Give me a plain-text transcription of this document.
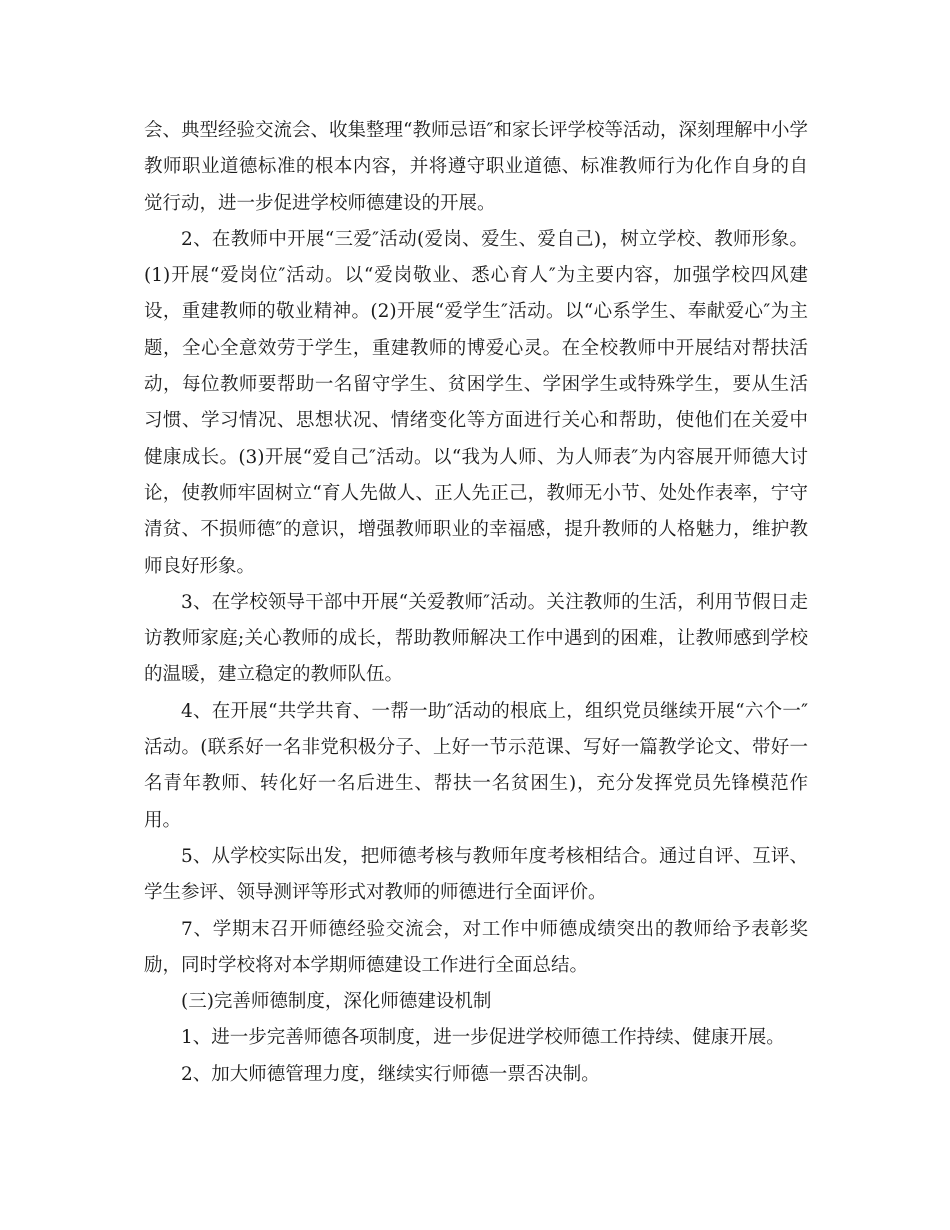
会、典型经验交流会、收集整理“教师忌语″和家长评学校等活动，深刻理解中小学教师职业道德标准的根本内容，并将遵守职业道德、标准教师行为化作自身的自觉行动，进一步促进学校师德建设的开展。

2、在教师中开展“三爱″活动(爱岗、爱生、爱自己)，树立学校、教师形象。(1)开展“爱岗位″活动。以“爱岗敬业、悉心育人″为主要内容，加强学校四风建设，重建教师的敬业精神。(2)开展“爱学生″活动。以“心系学生、奉献爱心″为主题，全心全意效劳于学生，重建教师的博爱心灵。在全校教师中开展结对帮扶活动，每位教师要帮助一名留守学生、贫困学生、学困学生或特殊学生，要从生活习惯、学习情况、思想状况、情绪变化等方面进行关心和帮助，使他们在关爱中健康成长。(3)开展“爱自己″活动。以“我为人师、为人师表″为内容展开师德大讨论，使教师牢固树立“育人先做人、正人先正己，教师无小节、处处作表率，宁守清贫、不损师德″的意识，增强教师职业的幸福感，提升教师的人格魅力，维护教师良好形象。

3、在学校领导干部中开展“关爱教师″活动。关注教师的生活，利用节假日走访教师家庭;关心教师的成长，帮助教师解决工作中遇到的困难，让教师感到学校的温暖，建立稳定的教师队伍。

4、在开展“共学共育、一帮一助″活动的根底上，组织党员继续开展“六个一″活动。(联系好一名非党积极分子、上好一节示范课、写好一篇教学论文、带好一名青年教师、转化好一名后进生、帮扶一名贫困生)，充分发挥党员先锋模范作用。

5、从学校实际出发，把师德考核与教师年度考核相结合。通过自评、互评、学生参评、领导测评等形式对教师的师德进行全面评价。

7、学期末召开师德经验交流会，对工作中师德成绩突出的教师给予表彰奖励，同时学校将对本学期师德建设工作进行全面总结。

(三)完善师德制度，深化师德建设机制

1、进一步完善师德各项制度，进一步促进学校师德工作持续、健康开展。

2、加大师德管理力度，继续实行师德一票否决制。
